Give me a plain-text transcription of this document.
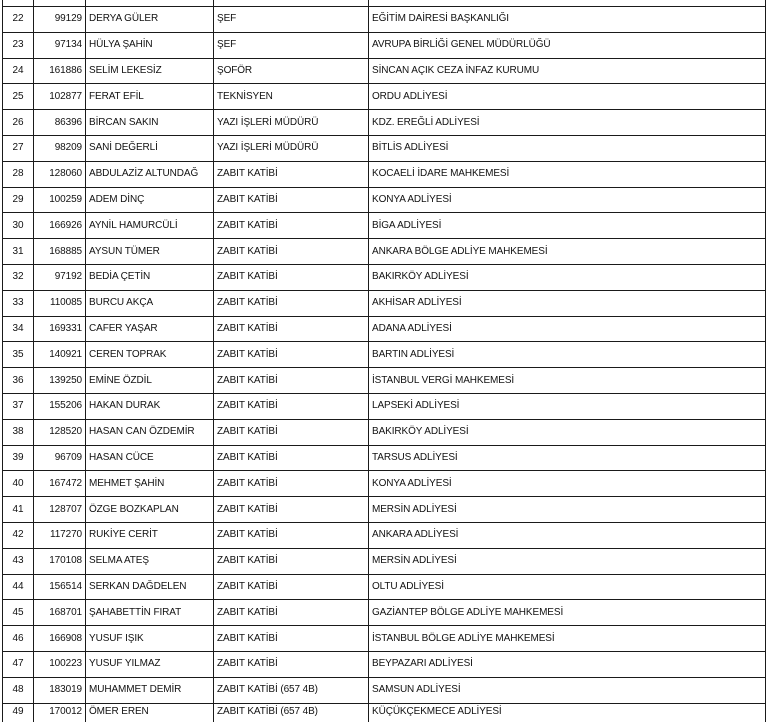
22	99129	DERYA GÜLER	ŞEF	EĞİTİM DAİRESİ BAŞKANLIĞI
23	97134	HÜLYA ŞAHİN	ŞEF	AVRUPA BİRLİĞİ GENEL MÜDÜRLÜĞÜ
24	161886	SELİM LEKESİZ	ŞOFÖR	SİNCAN AÇIK CEZA İNFAZ KURUMU
25	102877	FERAT EFİL	TEKNİSYEN	ORDU ADLİYESİ
26	86396	BİRCAN SAKIN	YAZI İŞLERİ MÜDÜRÜ	KDZ. EREĞLİ ADLİYESİ
27	98209	SANİ DEĞERLİ	YAZI İŞLERİ MÜDÜRÜ	BİTLİS ADLİYESİ
28	128060	ABDULAZİZ ALTUNDAĞ	ZABIT KATİBİ	KOCAELİ İDARE MAHKEMESİ
29	100259	ADEM DİNÇ	ZABIT KATİBİ	KONYA ADLİYESİ
30	166926	AYNİL HAMURCÜLİ	ZABIT KATİBİ	BİGA ADLİYESİ
31	168885	AYSUN TÜMER	ZABIT KATİBİ	ANKARA BÖLGE ADLİYE MAHKEMESİ
32	97192	BEDİA ÇETİN	ZABIT KATİBİ	BAKIRKÖY ADLİYESİ
33	110085	BURCU AKÇA	ZABIT KATİBİ	AKHİSAR ADLİYESİ
34	169331	CAFER YAŞAR	ZABIT KATİBİ	ADANA ADLİYESİ
35	140921	CEREN TOPRAK	ZABIT KATİBİ	BARTIN ADLİYESİ
36	139250	EMİNE ÖZDİL	ZABIT KATİBİ	İSTANBUL VERGİ MAHKEMESİ
37	155206	HAKAN DURAK	ZABIT KATİBİ	LAPSEKİ ADLİYESİ
38	128520	HASAN CAN ÖZDEMİR	ZABIT KATİBİ	BAKIRKÖY ADLİYESİ
39	96709	HASAN CÜCE	ZABIT KATİBİ	TARSUS ADLİYESİ
40	167472	MEHMET ŞAHİN	ZABIT KATİBİ	KONYA ADLİYESİ
41	128707	ÖZGE BOZKAPLAN	ZABIT KATİBİ	MERSİN ADLİYESİ
42	117270	RUKİYE CERİT	ZABIT KATİBİ	ANKARA ADLİYESİ
43	170108	SELMA ATEŞ	ZABIT KATİBİ	MERSİN ADLİYESİ
44	156514	SERKAN DAĞDELEN	ZABIT KATİBİ	OLTU ADLİYESİ
45	168701	ŞAHABETTİN FIRAT	ZABIT KATİBİ	GAZİANTEP BÖLGE ADLİYE MAHKEMESİ
46	166908	YUSUF IŞIK	ZABIT KATİBİ	İSTANBUL BÖLGE ADLİYE MAHKEMESİ
47	100223	YUSUF YILMAZ	ZABIT KATİBİ	BEYPAZARI ADLİYESİ
48	183019	MUHAMMET DEMİR	ZABIT KATİBİ (657 4B)	SAMSUN ADLİYESİ
49	170012	ÖMER EREN	ZABIT KATİBİ (657 4B)	KÜÇÜKÇEKMECE ADLİYESİ
